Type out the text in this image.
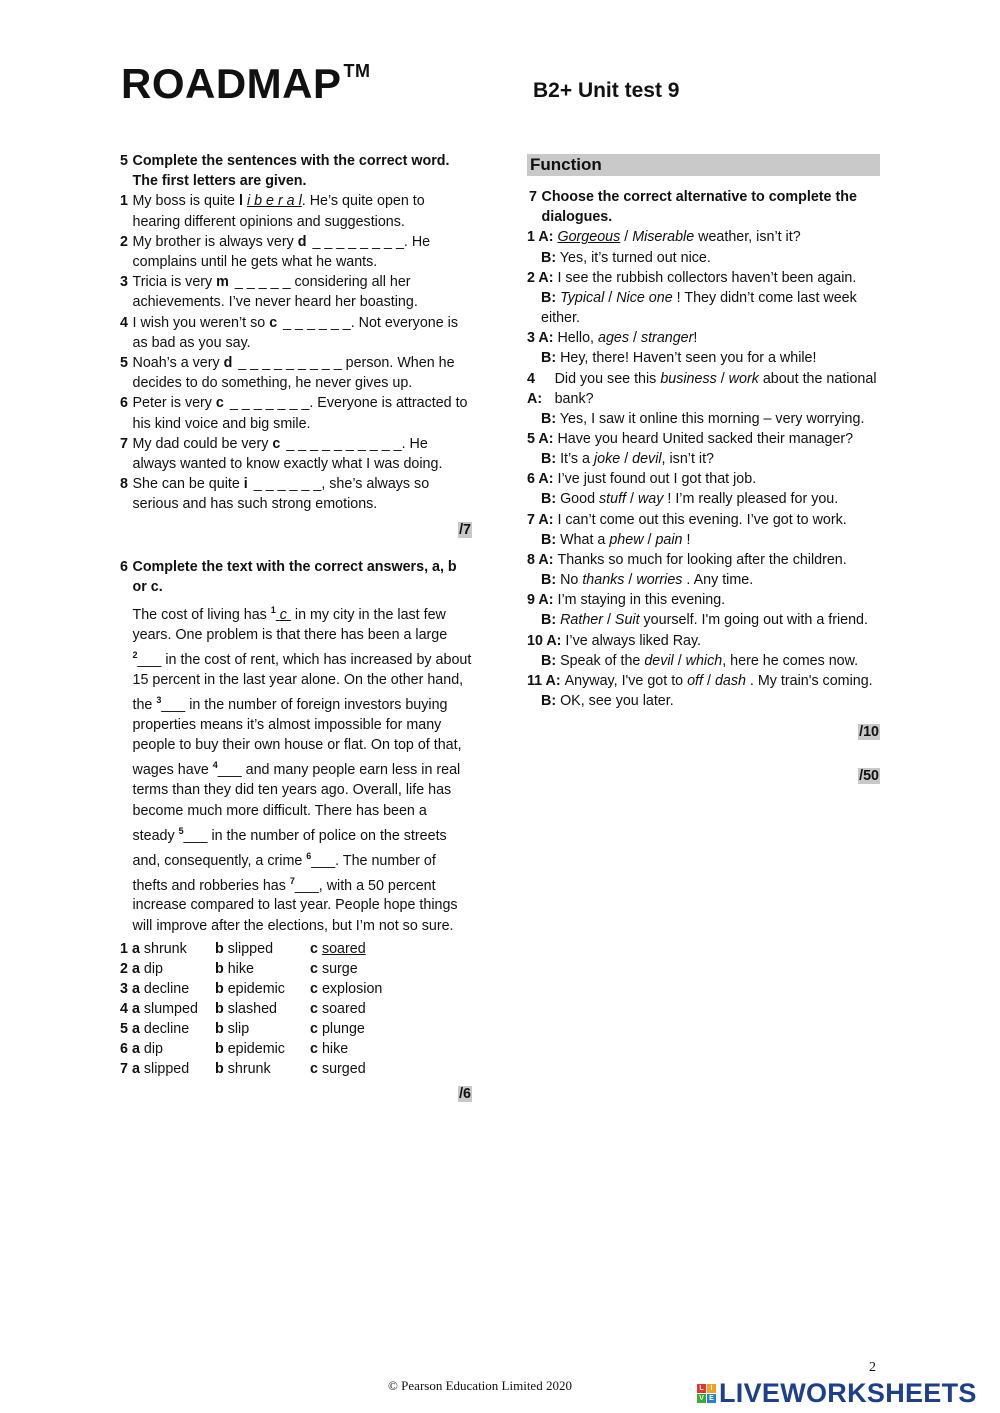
ROADMAP ™
B2+ Unit test 9
5 Complete the sentences with the correct word. The first letters are given.
1 My boss is quite l i b e r a l. He’s quite open to hearing different opinions and suggestions.
2 My brother is always very d _ _ _ _ _ _ _ _. He complains until he gets what he wants.
3 Tricia is very m _ _ _ _ _ considering all her achievements. I’ve never heard her boasting.
4 I wish you weren’t so c _ _ _ _ _ _. Not everyone is as bad as you say.
5 Noah’s a very d _ _ _ _ _ _ _ _ _ person. When he decides to do something, he never gives up.
6 Peter is very c _ _ _ _ _ _ _. Everyone is attracted to his kind voice and big smile.
7 My dad could be very c _ _ _ _ _ _ _ _ _ _. He always wanted to know exactly what I was doing.
8 She can be quite i _ _ _ _ _ _, she’s always so serious and has such strong emotions.
/7
6 Complete the text with the correct answers, a, b or c.
The cost of living has $^1$ c  in my city in the last few years. One problem is that there has been a large $^2$___ in the cost of rent, which has increased by about 15 percent in the last year alone. On the other hand, the $^3$___ in the number of foreign investors buying properties means it’s almost impossible for many people to buy their own house or flat. On top of that, wages have $^4$___ and many people earn less in real terms than they did ten years ago. Overall, life has become much more difficult. There has been a steady $^5$___ in the number of police on the streets and, consequently, a crime $^6$___. The number of thefts and robberies has $^7$___, with a 50 percent increase compared to last year. People hope things will improve after the elections, but I’m not so sure.
1 a shrunk	b slipped	c soared
2 a dip	b hike	c surge
3 a decline	b epidemic	c explosion
4 a slumped	b slashed	c soared
5 a decline	b slip	c plunge
6 a dip	b epidemic	c hike
7 a slipped	b shrunk	c surged
/6
Function
7 Choose the correct alternative to complete the dialogues.
1 A:
Gorgeous / Miserable weather, isn’t it?
B: Yes, it’s turned out nice.
2 A:
I see the rubbish collectors haven’t been again.
B: Typical / Nice one ! They didn’t come last week either.
3 A:
Hello, ages / stranger!
B: Hey, there! Haven’t seen you for a while!
4 A:

Did you see this business / work about the national bank?
B: Yes, I saw it online this morning – very worrying.
5 A:
Have you heard United sacked their manager?
B: It’s a joke / devil, isn’t it?
6 A:
I’ve just found out I got that job.
B: Good stuff / way ! I’m really pleased for you.
7 A:
I can’t come out this evening. I’ve got to work.
B: What a phew / pain !
8 A:
Thanks so much for looking after the children.
B: No thanks / worries . Any time.
9 A:
I’m staying in this evening.
B: Rather / Suit yourself. I'm going out with a friend.
10 A:
I’ve always liked Ray.
B: Speak of the devil / which, here he comes now.
11 A:
Anyway, I've got to off / dash . My train's coming.
B: OK, see you later.
/10
/50
2
© Pearson Education Limited 2020	L I
V E LIVEWORKSHEETS
